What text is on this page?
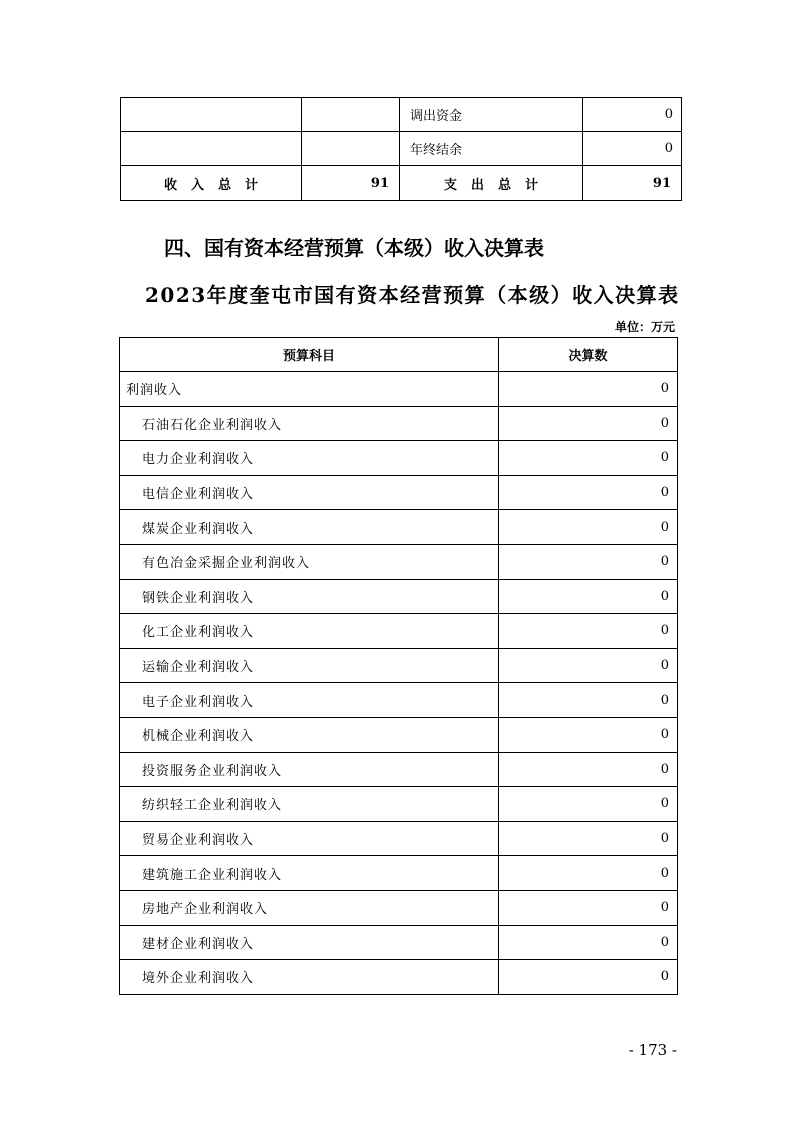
		调出资金	0
		年终结余	0
收入总计	91	支出总计	91
四、国有资本经营预算（本级）收入决算表
2023年度奎屯市国有资本经营预算（本级）收入决算表
单位：万元
预算科目	决算数
利润收入	0
石油石化企业利润收入	0
电力企业利润收入	0
电信企业利润收入	0
煤炭企业利润收入	0
有色冶金采掘企业利润收入	0
钢铁企业利润收入	0
化工企业利润收入	0
运输企业利润收入	0
电子企业利润收入	0
机械企业利润收入	0
投资服务企业利润收入	0
纺织轻工企业利润收入	0
贸易企业利润收入	0
建筑施工企业利润收入	0
房地产企业利润收入	0
建材企业利润收入	0
境外企业利润收入	0
- 173 -
